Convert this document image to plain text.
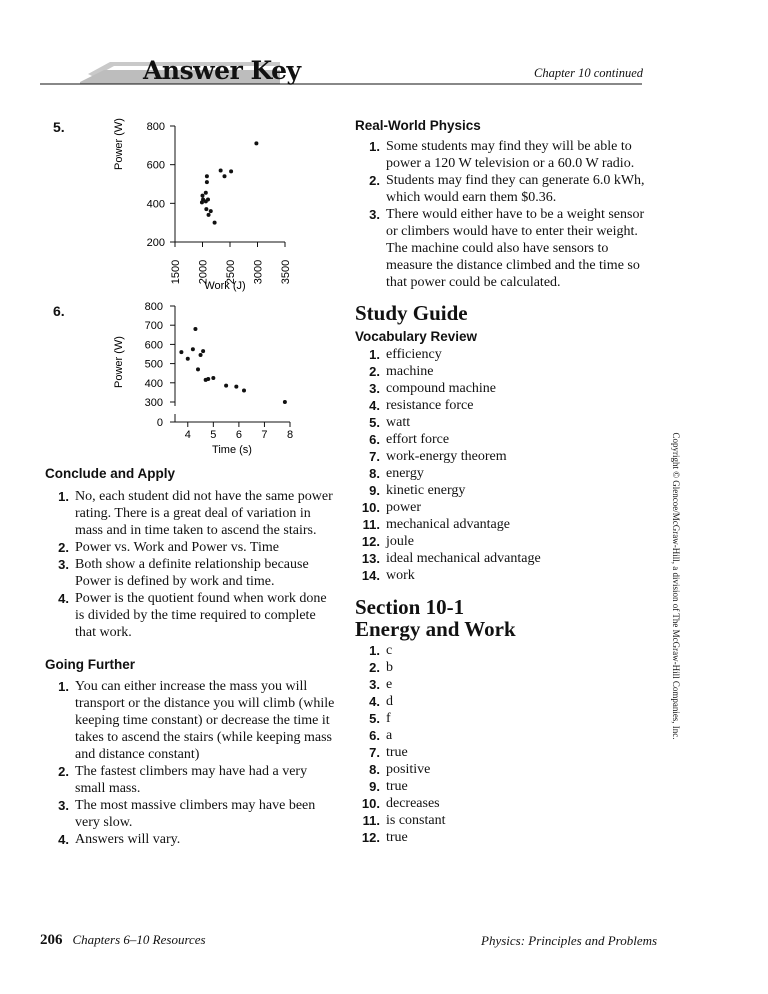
Answer Key	Chapter 10 continued
5.
6.
200
400
600
800
1500 2000 2500 3000 3500
Power (W)
Work (J)
0
300
400
500
600
700
800
4 5 6 7 8
Power (W)
Time (s)
Conclude and Apply
1. No, each student did not have the same power rating. There is a great deal of variation in mass and in time taken to ascend the stairs.
2. Power vs. Work and Power vs. Time
3. Both show a definite relationship because Power is defined by work and time.
4. Power is the quotient found when work done is divided by the time required to complete that work.
Going Further
1. You can either increase the mass you will transport or the distance you will climb (while keeping time constant) or decrease the time it takes to ascend the stairs (while keeping mass and distance constant)
2. The fastest climbers may have had a very small mass.
3. The most massive climbers may have been very slow.
4. Answers will vary.
Real-World Physics
1. Some students may find they will be able to power a 120 W television or a 60.0 W radio.
2. Students may find they can generate 6.0 kWh, which would earn them $0.36.
3. There would either have to be a weight sensor or climbers would have to enter their weight. The machine could also have sensors to measure the distance climbed and the time so that power could be calculated.
Study Guide
Vocabulary Review
1. efficiency
2. machine
3. compound machine
4. resistance force
5. watt
6. effort force
7. work-energy theorem
8. energy
9. kinetic energy
10. power
11. mechanical advantage
12. joule
13. ideal mechanical advantage
14. work
Section 10-1
Energy and Work
1. c
2. b
3. e
4. d
5. f
6. a
7. true
8. positive
9. true
10. decreases
11. is constant
12. true
Copyright © Glencoe/McGraw-Hill, a division of The McGraw-Hill Companies, Inc.
206 Chapters 6–10 Resources	Physics: Principles and Problems
